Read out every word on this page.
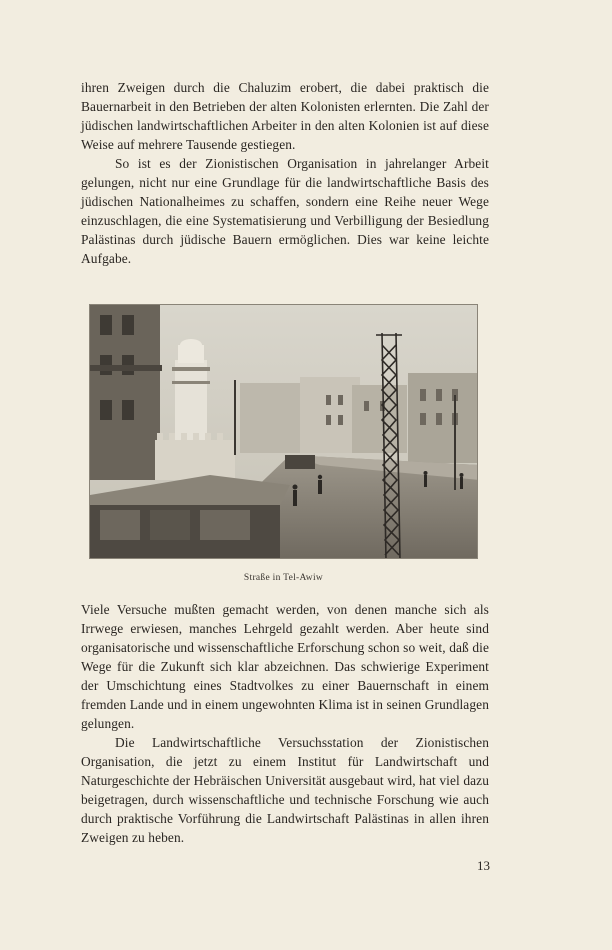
ihren Zweigen durch die Chaluzim erobert, die dabei praktisch die Bauernarbeit in den Betrieben der alten Kolonisten erlernten. Die Zahl der jüdischen landwirtschaftlichen Arbeiter in den alten Kolonien ist auf diese Weise auf mehrere Tausende gestiegen.

So ist es der Zionistischen Organisation in jahrelanger Arbeit gelungen, nicht nur eine Grundlage für die landwirtschaftliche Basis des jüdischen Nationalheimes zu schaffen, sondern eine Reihe neuer Wege einzuschlagen, die eine Systematisierung und Verbilligung der Besiedlung Palästinas durch jüdische Bauern ermöglichen. Dies war keine leichte Aufgabe.

Straße in Tel-Awiw

Viele Versuche mußten gemacht werden, von denen manche sich als Irrwege erwiesen, manches Lehrgeld gezahlt werden. Aber heute sind organisatorische und wissenschaftliche Erforschung schon so weit, daß die Wege für die Zukunft sich klar abzeichnen. Das schwierige Experiment der Umschichtung eines Stadtvolkes zu einer Bauernschaft in einem fremden Lande und in einem ungewohnten Klima ist in seinen Grundlagen gelungen.

Die Landwirtschaftliche Versuchsstation der Zionistischen Organisation, die jetzt zu einem Institut für Landwirtschaft und Naturgeschichte der Hebräischen Universität ausgebaut wird, hat viel dazu beigetragen, durch wissenschaftliche und technische Forschung wie auch durch praktische Vorführung die Landwirtschaft Palästinas in allen ihren Zweigen zu heben.

13
